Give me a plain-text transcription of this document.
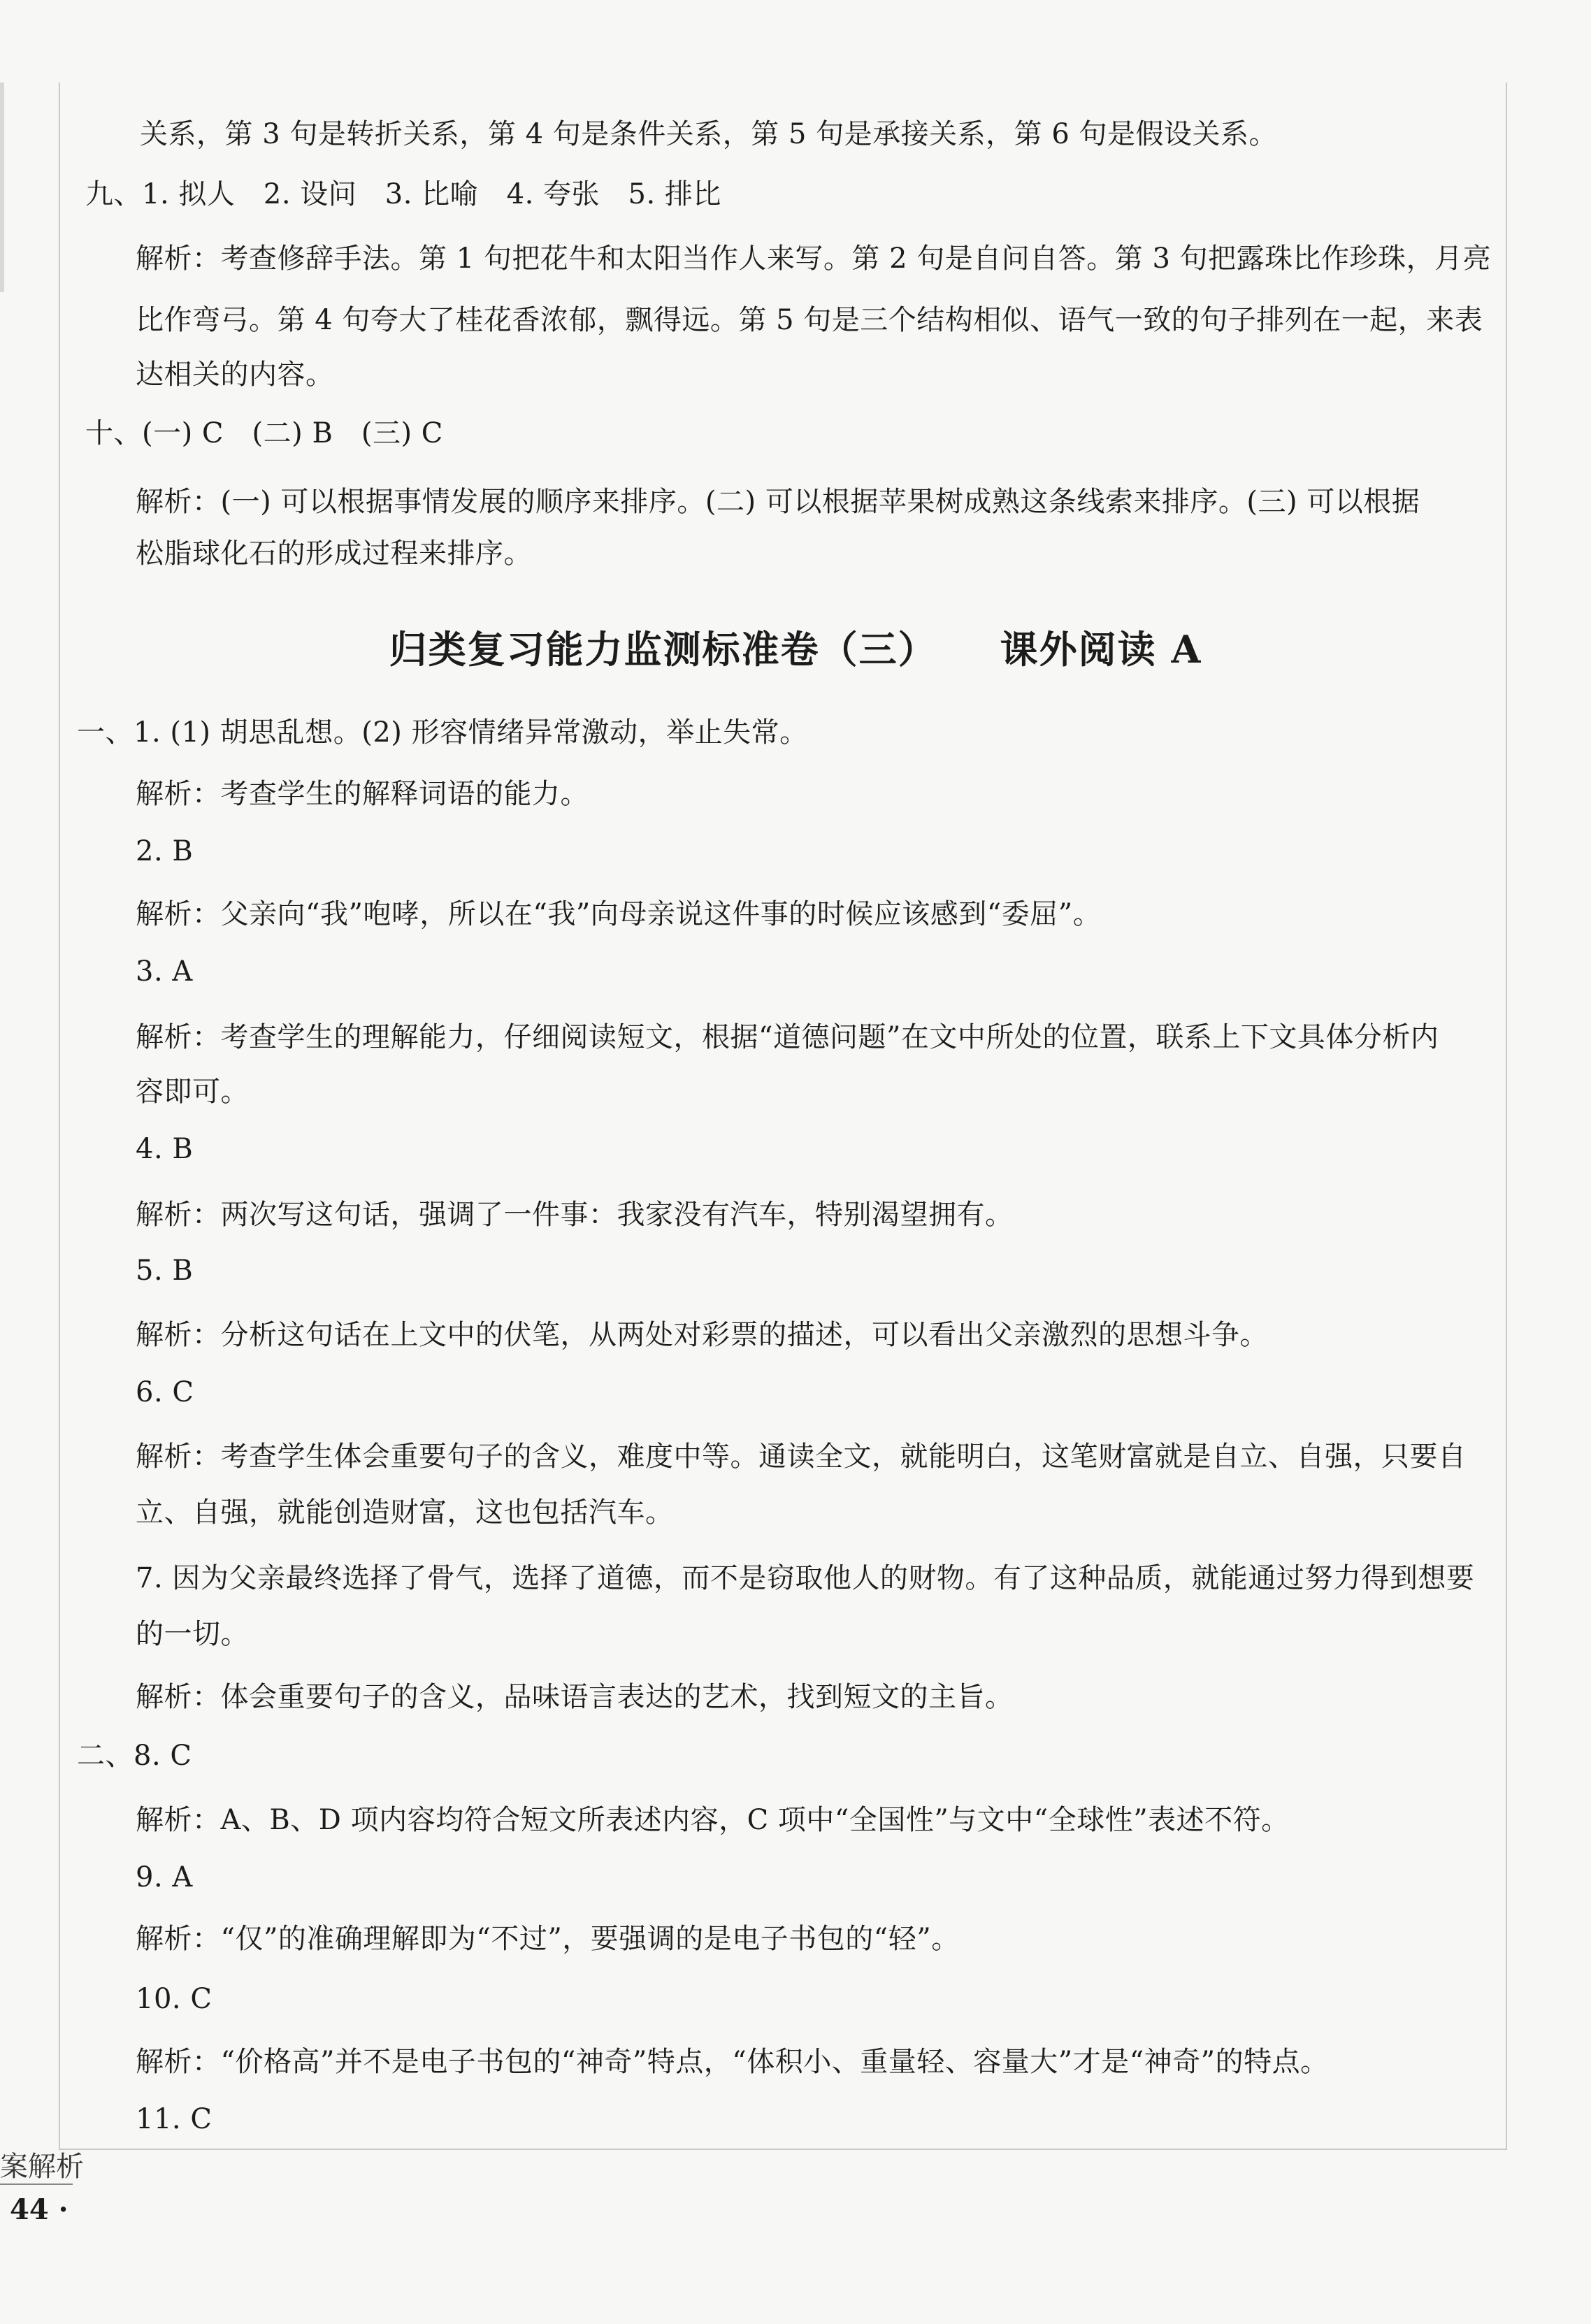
关系，第 3 句是转折关系，第 4 句是条件关系，第 5 句是承接关系，第 6 句是假设关系。
九、1. 拟人　2. 设问　3. 比喻　4. 夸张　5. 排比
解析：考查修辞手法。第 1 句把花牛和太阳当作人来写。第 2 句是自问自答。第 3 句把露珠比作珍珠，月亮
比作弯弓。第 4 句夸大了桂花香浓郁，飘得远。第 5 句是三个结构相似、语气一致的句子排列在一起，来表
达相关的内容。
十、(一) C　(二) B　(三) C
解析：(一) 可以根据事情发展的顺序来排序。(二) 可以根据苹果树成熟这条线索来排序。(三) 可以根据
松脂球化石的形成过程来排序。
归类复习能力监测标准卷（三） 课外阅读 A
一、1. (1) 胡思乱想。(2) 形容情绪异常激动，举止失常。
解析：考查学生的解释词语的能力。
2. B
解析：父亲向“我”咆哮，所以在“我”向母亲说这件事的时候应该感到“委屈”。
3. A
解析：考查学生的理解能力，仔细阅读短文，根据“道德问题”在文中所处的位置，联系上下文具体分析内
容即可。
4. B
解析：两次写这句话，强调了一件事：我家没有汽车，特别渴望拥有。
5. B
解析：分析这句话在上文中的伏笔，从两处对彩票的描述，可以看出父亲激烈的思想斗争。
6. C
解析：考查学生体会重要句子的含义，难度中等。通读全文，就能明白，这笔财富就是自立、自强，只要自
立、自强，就能创造财富，这也包括汽车。
7. 因为父亲最终选择了骨气，选择了道德，而不是窃取他人的财物。有了这种品质，就能通过努力得到想要
的一切。
解析：体会重要句子的含义，品味语言表达的艺术，找到短文的主旨。
二、8. C
解析：A、B、D 项内容均符合短文所表述内容，C 项中“全国性”与文中“全球性”表述不符。
9. A
解析：“仅”的准确理解即为“不过”，要强调的是电子书包的“轻”。
10. C
解析：“价格高”并不是电子书包的“神奇”特点，“体积小、重量轻、容量大”才是“神奇”的特点。
11. C
案解析
44 ·
